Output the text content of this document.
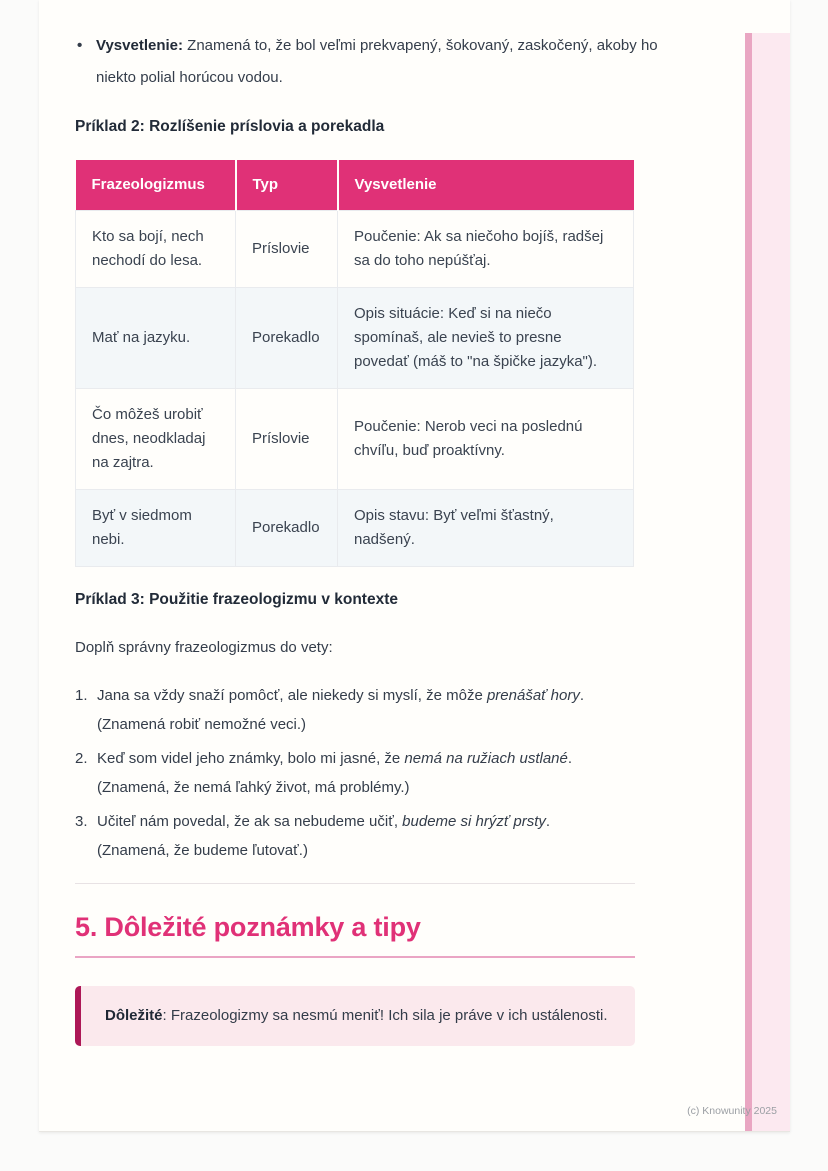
• Vysvetlenie: Znamená to, že bol veľmi prekvapený, šokovaný, zaskočený, akoby ho niekto polial horúcou vodou.

Príklad 2: Rozlíšenie príslovia a porekadla

Frazeologizmus	Typ	Vysvetlenie
Kto sa bojí, nech nechodí do lesa.	Príslovie	Poučenie: Ak sa niečoho bojíš, radšej sa do toho nepúšťaj.
Mať na jazyku.	Porekadlo	Opis situácie: Keď si na niečo spomínaš, ale nevieš to presne povedať (máš to "na špičke jazyka").
Čo môžeš urobiť dnes, neodkladaj na zajtra.	Príslovie	Poučenie: Nerob veci na poslednú chvíľu, buď proaktívny.
Byť v siedmom nebi.	Porekadlo	Opis stavu: Byť veľmi šťastný, nadšený.

Príklad 3: Použitie frazeologizmu v kontexte

Doplň správny frazeologizmus do vety:

1. Jana sa vždy snaží pomôcť, ale niekedy si myslí, že môže prenášať hory.
(Znamená robiť nemožné veci.)
2. Keď som videl jeho známky, bolo mi jasné, že nemá na ružiach ustlané.
(Znamená, že nemá ľahký život, má problémy.)
3. Učiteľ nám povedal, že ak sa nebudeme učiť, budeme si hrýzť prsty.
(Znamená, že budeme ľutovať.)
5. Dôležité poznámky a tipy
Dôležité: Frazeologizmy sa nesmú meniť! Ich sila je práve v ich ustálenosti.
(c) Knowunity 2025
